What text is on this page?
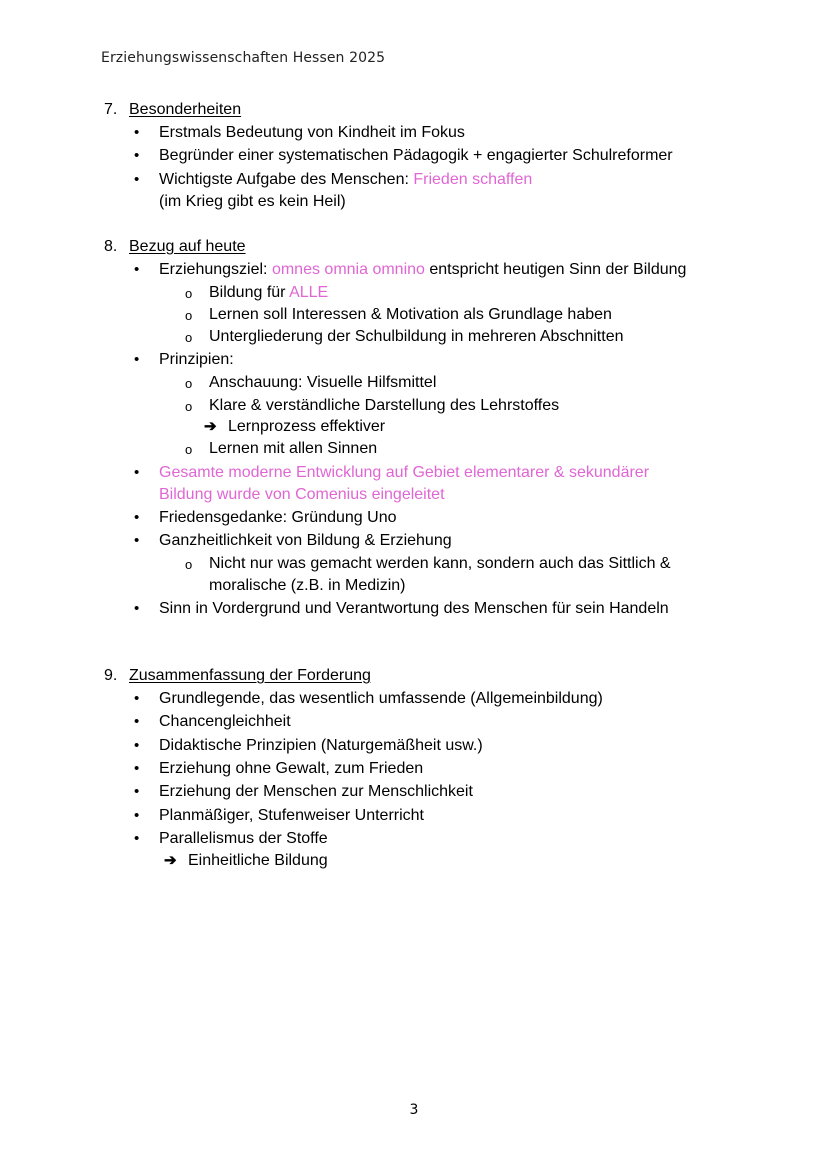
Erziehungswissenschaften Hessen 2025
7. Besonderheiten
• Erstmals Bedeutung von Kindheit im Fokus
• Begründer einer systematischen Pädagogik + engagierter Schulreformer
• Wichtigste Aufgabe des Menschen: Frieden schaffen
(im Krieg gibt es kein Heil)
8. Bezug auf heute
• Erziehungsziel: omnes omnia omnino entspricht heutigen Sinn der Bildung
o Bildung für ALLE
o Lernen soll Interessen & Motivation als Grundlage haben
o Untergliederung der Schulbildung in mehreren Abschnitten
• Prinzipien:
o Anschauung: Visuelle Hilfsmittel
o Klare & verständliche Darstellung des Lehrstoffes
➔ Lernprozess effektiver
o Lernen mit allen Sinnen
• Gesamte moderne Entwicklung auf Gebiet elementarer & sekundärer
Bildung wurde von Comenius eingeleitet
• Friedensgedanke: Gründung Uno
• Ganzheitlichkeit von Bildung & Erziehung
o Nicht nur was gemacht werden kann, sondern auch das Sittlich &
moralische (z.B. in Medizin)
• Sinn in Vordergrund und Verantwortung des Menschen für sein Handeln
9. Zusammenfassung der Forderung
• Grundlegende, das wesentlich umfassende (Allgemeinbildung)
• Chancengleichheit
• Didaktische Prinzipien (Naturgemäßheit usw.)
• Erziehung ohne Gewalt, zum Frieden
• Erziehung der Menschen zur Menschlichkeit
• Planmäßiger, Stufenweiser Unterricht
• Parallelismus der Stoffe
➔ Einheitliche Bildung
3
